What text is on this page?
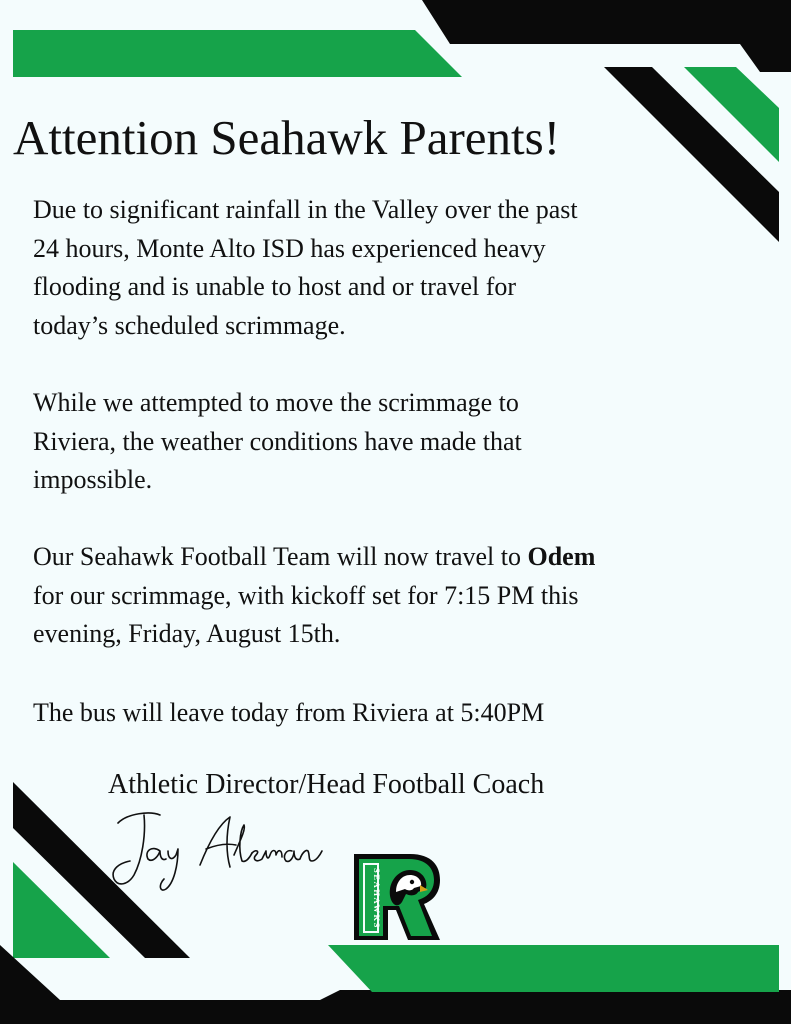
Attention Seahawk Parents!

Due to significant rainfall in the Valley over the past
24 hours, Monte Alto ISD has experienced heavy
flooding and is unable to host and or travel for
today’s scheduled scrimmage.

While we attempted to move the scrimmage to
Riviera, the weather conditions have made that
impossible.

Our Seahawk Football Team will now travel to Odem
for our scrimmage, with kickoff set for 7:15 PM this
evening, Friday, August 15th.

The bus will leave today from Riviera at 5:40PM

Athletic Director/Head Football Coach
SEAHAWKS
